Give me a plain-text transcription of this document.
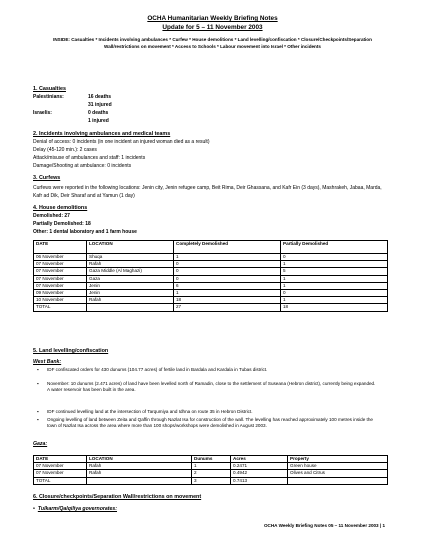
OCHA Humanitarian Weekly Briefing Notes
Update for 5 – 11 November 2003
INSIDE: Casualties * Incidents involving ambulances * Curfew * House demolitions * Land levelling/confiscation * Closure/Checkpoints/Separation Wall/restrictions on movement * Access to Schools * Labour movement into Israel * Other incidents
1. Casualties
Palestinians:	16 deaths
31 injured
Israelis:	0 deaths
1 injured
2. Incidents involving ambulances and medical teams
Denial of access: 0 incidents (in one incident an injured woman died as a result)
Delay (45-120 min.): 2 cases
Attack/misuse of ambulances and staff: 1 incidents
Damage/Shooting at ambulance: 0 incidents
3. Curfews
Curfews were reported in the following locations: Jenin city, Jenin refugee camp, Beit Rima, Deir Ghassana, and Kafr Ein (3 days), Mashrakeh, Jabaa, Marda, Kafr ad Dik, Deir Sharaf and at Yamun (1 day)
4. House demolitions
Demolished: 27
Partially Demolished: 18
Other: 1 dental laboratory and 1 farm house
DATE	LOCATION	Completely Demolished	Partially Demolished
06 November	Shuqa	1	0
07 November	Rafah	0	1
07 November	Gaza Middle (Al Maghazi)	0	5
07 November	Gaza	0	1
07 November	Jenin	6	1
09 November	Jenin	1	0
10 November	Rafah	18	1
TOTAL		27	18
5. Land levelling/confiscation
West Bank:
▪ IDF confiscated orders for 430 dunums (104.77 acres) of fertile land in Bardala and Kardala in Tubas district.
▪ November: 10 dunums (2.471 acres) of land have been levelled north of Ramadin, close to the settlement of Suseana (Hebron district), currently being expanded. A water reservoir has been built in the area.
▪ IDF continued levelling land at the intersection of Tarqumiya and Idhna on route 35 in Hebron District.
▪ Ongoing levelling of land between Zeita and Qaffin through Nazlat Isa for construction of the wall. The levelling has reached approximately 100 metres inside the town of Nazlat Isa across the area where more than 100 shops/workshops were demolished in August 2003.
Gaza:
DATE	LOCATION	Dunums	Acres	Property
07 November	Rafah	1	0.2471	Green house
07 November	Rafah	2	0.4942	Olives and Citrus
TOTAL		3	0.7413	
6. Closure/checkpoints/Separation Wall/restrictions on movement
• Tulkarm/Qalqiliya governorates:
OCHA Weekly Briefing Notes 05 – 11 November 2003 | 1
